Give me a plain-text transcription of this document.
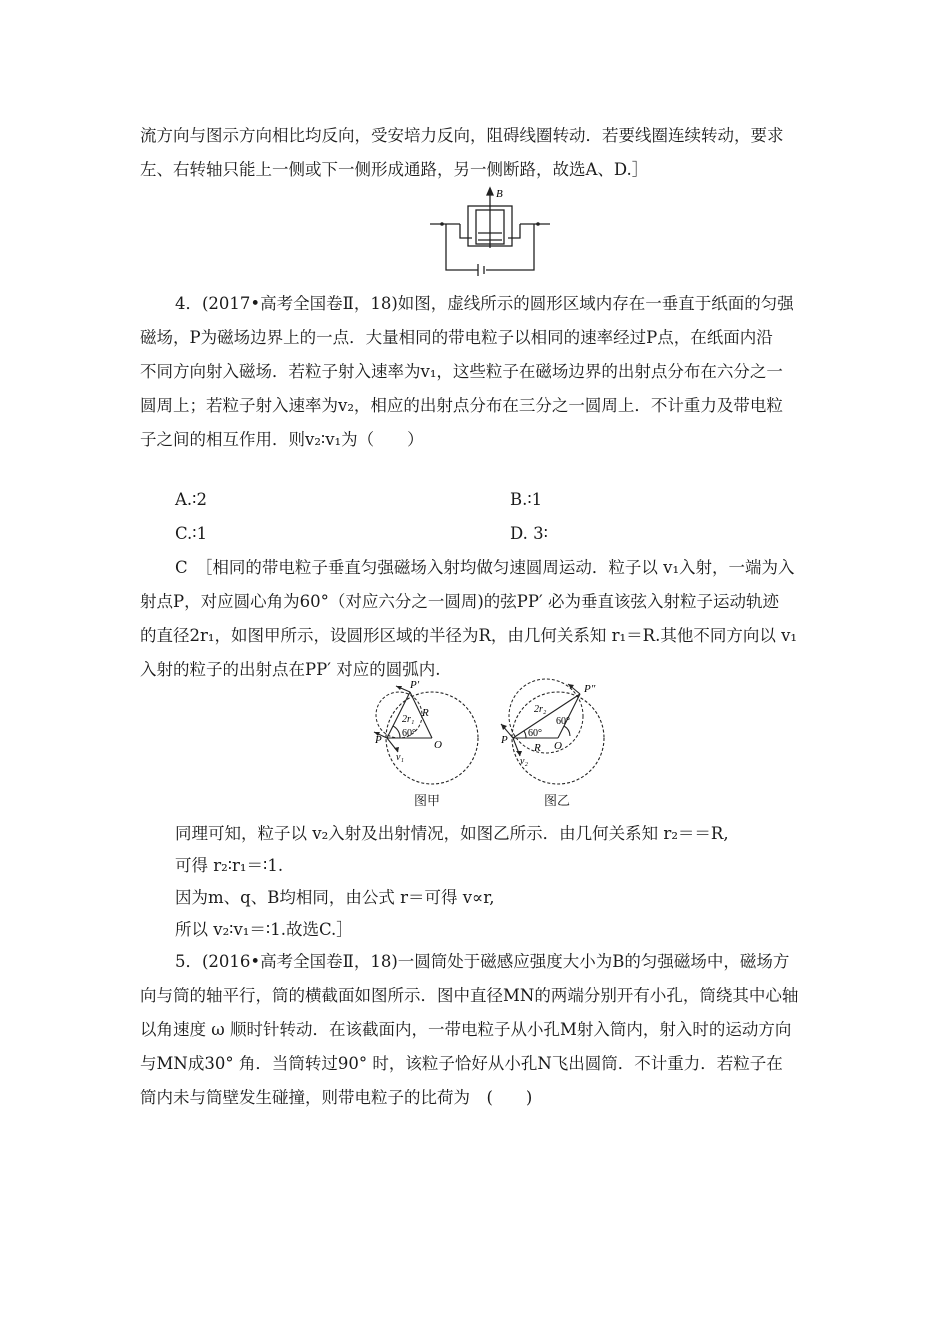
流方向与图示方向相比均反向，受安培力反向，阻碍线圈转动．若要线圈连续转动，要求
左、右转轴只能上一侧或下一侧形成通路，另一侧断路，故选A、D.］
B
4．(2017•高考全国卷Ⅱ，18)如图，虚线所示的圆形区域内存在一垂直于纸面的匀强
磁场，P为磁场边界上的一点．大量相同的带电粒子以相同的速率经过P点，在纸面内沿
不同方向射入磁场．若粒子射入速率为v₁，这些粒子在磁场边界的出射点分布在六分之一
圆周上；若粒子射入速率为v₂，相应的出射点分布在三分之一圆周上．不计重力及带电粒
子之间的相互作用．则v₂∶v₁为（　　）
A.∶2	B.∶1
C.∶1	D. 3∶
C　［相同的带电粒子垂直匀强磁场入射均做匀速圆周运动．粒子以 v₁入射，一端为入
射点P，对应圆心角为60°（对应六分之一圆周)的弦PP′ 必为垂直该弦入射粒子运动轨迹
的直径2r₁，如图甲所示，设圆形区域的半径为R，由几何关系知 r₁＝R.其他不同方向以 v₁
入射的粒子的出射点在PP′ 对应的圆弧内.
P′
P	O
R
2r₁
60°
v₁
P″
P	O
R
2r₂
60°
60°
v₂
图甲	图乙
同理可知，粒子以 v₂入射及出射情况，如图乙所示．由几何关系知 r₂＝＝R,
可得 r₂∶r₁＝∶1.
因为m、q、B均相同，由公式 r＝可得 v∝r,
所以 v₂∶v₁＝∶1.故选C.］
5．(2016•高考全国卷Ⅱ，18)一圆筒处于磁感应强度大小为B的匀强磁场中，磁场方
向与筒的轴平行，筒的横截面如图所示．图中直径MN的两端分别开有小孔，筒绕其中心轴
以角速度 ω 顺时针转动．在该截面内，一带电粒子从小孔M射入筒内，射入时的运动方向
与MN成30° 角．当筒转过90° 时，该粒子恰好从小孔N飞出圆筒．不计重力．若粒子在
筒内未与筒壁发生碰撞，则带电粒子的比荷为　(　　)
